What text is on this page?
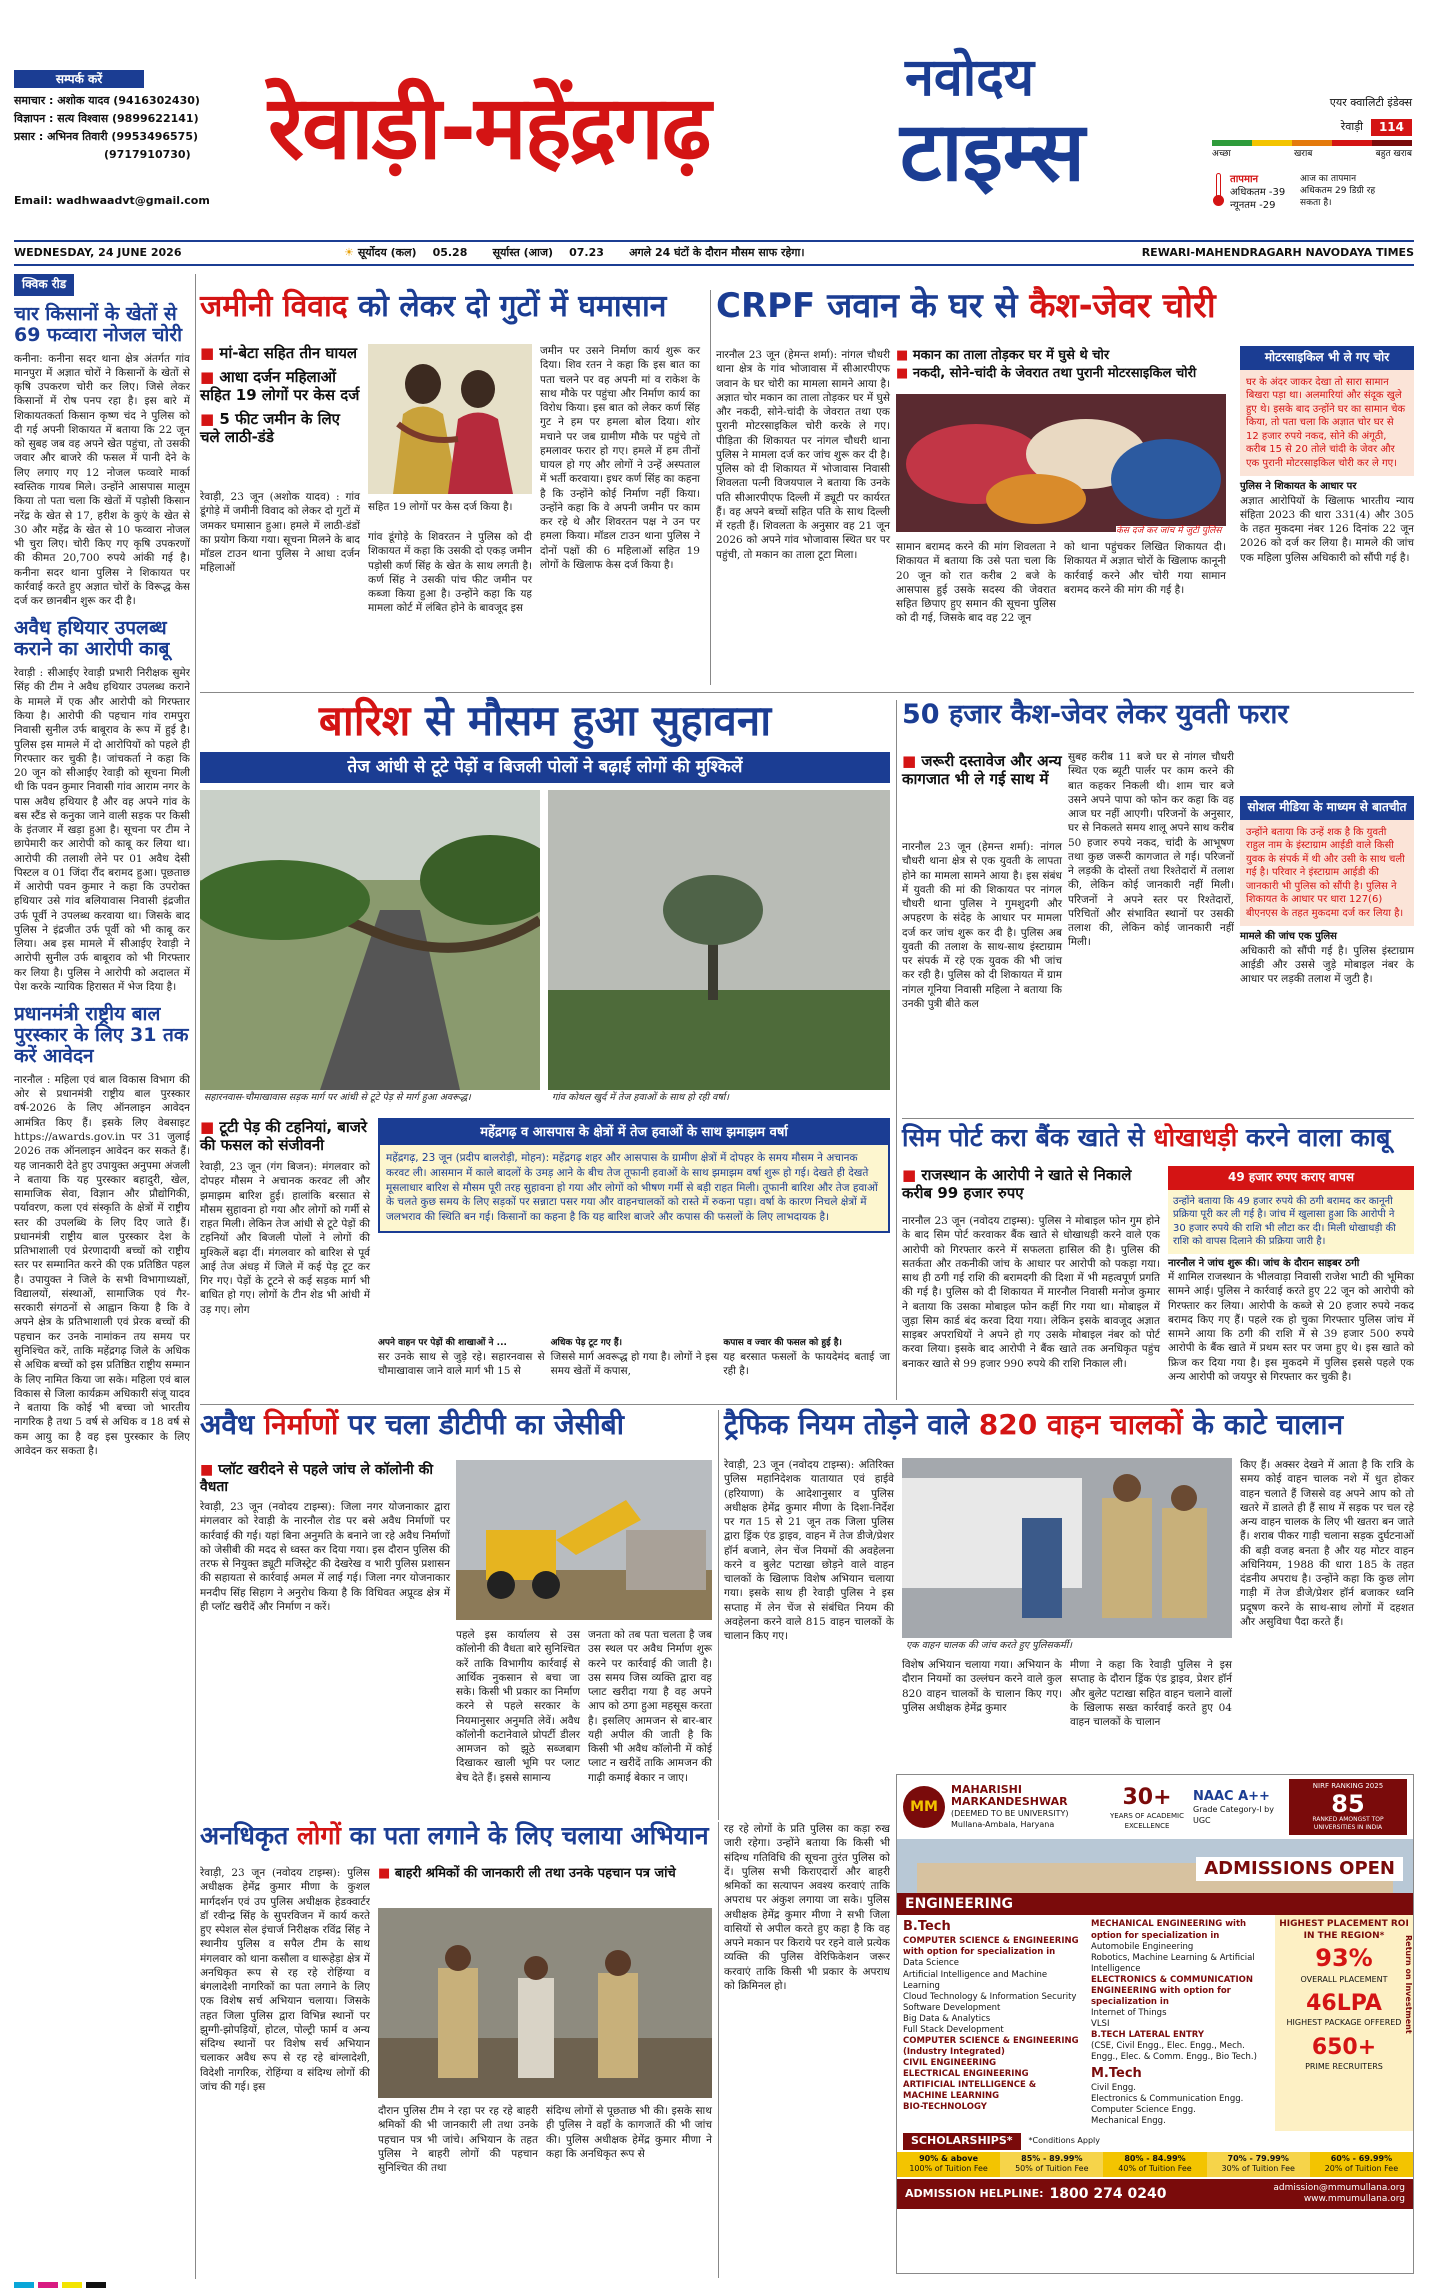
सम्पर्क करें
समाचार : अशोक यादव (9416302430)
विज्ञापन : सत्य विश्वास (9899622141)
प्रसार : अभिनव तिवारी (9953496575)
(9717910730)
Email: wadhwaadvt@gmail.com
रेवाड़ी-महेंद्रगढ़	नवोदय
टाइम्स
एयर क्वालिटी इंडेक्स
रेवाड़ी	114
अच्छा	खराब	बहुत खराब
तापमान
अधिकतम -39
न्यूनतम -29
आज का तापमान अधिकतम 29 डिग्री रह सकता है।
WEDNESDAY, 24 JUNE 2026	☀ सूर्योदय (कल) 05.28	सूर्यास्त (आज) 07.23	अगले 24 घंटों के दौरान मौसम साफ रहेगा।	REWARI-MAHENDRAGARH NAVODAYA TIMES
क्विक रीड
चार किसानों के खेतों से 69 फव्वारा नोजल चोरी
कनीना: कनीना सदर थाना क्षेत्र अंतर्गत गांव मानपुरा में अज्ञात चोरों ने किसानों के खेतों से कृषि उपकरण चोरी कर लिए। जिसे लेकर किसानों में रोष पनप रहा है। इस बारे में शिकायतकर्ता किसान कृष्ण चंद ने पुलिस को दी गई अपनी शिकायत में बताया कि 22 जून को सुबह जब वह अपने खेत पहुंचा, तो उसकी जवार और बाजरे की फसल में पानी देने के लिए लगाए गए 12 नोजल फव्वारे मार्का स्वस्तिक गायब मिले। उन्होंने आसपास मालूम किया तो पता चला कि खेतों में पड़ोसी किसान नरेंद्र के खेत से 17, हरीश के कुएं के खेत से 30 और महेंद्र के खेत से 10 फव्वारा नोजल भी चुरा लिए। चोरी किए गए कृषि उपकरणों की कीमत 20,700 रुपये आंकी गई है। कनीना सदर थाना पुलिस ने शिकायत पर कार्रवाई करते हुए अज्ञात चोरों के विरूद्ध केस दर्ज कर छानबीन शुरू कर दी है।
अवैध हथियार उपलब्ध कराने का आरोपी काबू
रेवाड़ी : सीआईए रेवाड़ी प्रभारी निरीक्षक सुमेर सिंह की टीम ने अवैध हथियार उपलब्ध कराने के मामले में एक और आरोपी को गिरफ्तार किया है। आरोपी की पहचान गांव रामपुरा निवासी सुनील उर्फ बाबूराव के रूप में हुई है। पुलिस इस मामले में दो आरोपियों को पहले ही गिरफ्तार कर चुकी है। जांचकर्ता ने कहा कि 20 जून को सीआईए रेवाड़ी को सूचना मिली थी कि पवन कुमार निवासी गांव आराम नगर के पास अवैध हथियार है और वह अपने गांव के बस स्टैंड से कनुका जाने वाली सड़क पर किसी के इंतजार में खड़ा हुआ है। सूचना पर टीम ने छापेमारी कर आरोपी को काबू कर लिया था। आरोपी की तलाशी लेने पर 01 अवैध देसी पिस्टल व 01 जिंदा रौंद बरामद हुआ। पूछताछ में आरोपी पवन कुमार ने कहा कि उपरोक्त हथियार उसे गांव बलियावास निवासी इंद्रजीत उर्फ पूर्वी ने उपलब्ध करवाया था। जिसके बाद पुलिस ने इंद्रजीत उर्फ पूर्वी को भी काबू कर लिया। अब इस मामले में सीआईए रेवाड़ी ने आरोपी सुनील उर्फ बाबूराव को भी गिरफ्तार कर लिया है। पुलिस ने आरोपी को अदालत में पेश करके न्यायिक हिरासत में भेज दिया है।
प्रधानमंत्री राष्ट्रीय बाल पुरस्कार के लिए 31 तक करें आवेदन
नारनौल : महिला एवं बाल विकास विभाग की ओर से प्रधानमंत्री राष्ट्रीय बाल पुरस्कार वर्ष-2026 के लिए ऑनलाइन आवेदन आमंत्रित किए हैं। इसके लिए वेबसाइट https://awards.gov.in पर 31 जुलाई 2026 तक ऑनलाइन आवेदन कर सकते हैं। यह जानकारी देते हुए उपायुक्त अनुपमा अंजली ने बताया कि यह पुरस्कार बहादुरी, खेल, सामाजिक सेवा, विज्ञान और प्रौद्योगिकी, पर्यावरण, कला एवं संस्कृति के क्षेत्रों में राष्ट्रीय स्तर की उपलब्धि के लिए दिए जाते हैं। प्रधानमंत्री राष्ट्रीय बाल पुरस्कार देश के प्रतिभाशाली एवं प्रेरणादायी बच्चों को राष्ट्रीय स्तर पर सम्मानित करने की एक प्रतिष्ठित पहल है। उपायुक्त ने जिले के सभी विभागाध्यक्षों, विद्यालयों, संस्थाओं, सामाजिक एवं गैर-सरकारी संगठनों से आह्वान किया है कि वे अपने क्षेत्र के प्रतिभाशाली एवं प्रेरक बच्चों की पहचान कर उनके नामांकन तय समय पर सुनिश्चित करें, ताकि महेंद्रगढ़ जिले के अधिक से अधिक बच्चों को इस प्रतिष्ठित राष्ट्रीय सम्मान के लिए नामित किया जा सके। महिला एवं बाल विकास से जिला कार्यक्रम अधिकारी संजू यादव ने बताया कि कोई भी बच्चा जो भारतीय नागरिक है तथा 5 वर्ष से अधिक व 18 वर्ष से कम आयु का है वह इस पुरस्कार के लिए आवेदन कर सकता है।
जमीनी विवाद को लेकर दो गुटों में घमासान
■ मां-बेटा सहित तीन घायल
■ आधा दर्जन महिलाओं सहित 19 लोगों पर केस दर्ज
■ 5 फीट जमीन के लिए चले लाठी-डंडे
सहित 19 लोगों पर केस दर्ज किया है।
गांव डूंगोड़े के शिवरतन ने पुलिस को दी शिकायत में कहा कि उसकी दो एकड़ जमीन पड़ोसी कर्ण सिंह के खेत के साथ लगती है। कर्ण सिंह ने उसकी पांच फीट जमीन पर कब्जा किया हुआ है। उन्होंने कहा कि यह मामला कोर्ट में लंबित होने के बावजूद इस
रेवाड़ी, 23 जून (अशोक यादव) : गांव डूंगोड़े में जमीनी विवाद को लेकर दो गुटों में जमकर घमासान हुआ। हमले में लाठी-डंडों का प्रयोग किया गया। सूचना मिलने के बाद मॉडल टाउन थाना पुलिस ने आधा दर्जन महिलाओं
जमीन पर उसने निर्माण कार्य शुरू कर दिया। शिव रतन ने कहा कि इस बात का पता चलने पर वह अपनी मां व राकेश के साथ मौके पर पहुंचा और निर्माण कार्य का विरोध किया। इस बात को लेकर कर्ण सिंह गुट ने हम पर हमला बोल दिया। शोर मचाने पर जब ग्रामीण मौके पर पहुंचे तो हमलावर फरार हो गए। हमले में हम तीनों घायल हो गए और लोगों ने उन्हें अस्पताल में भर्ती करवाया। इधर कर्ण सिंह का कहना है कि उन्होंने कोई निर्माण नहीं किया। उन्होंने कहा कि वे अपनी जमीन पर काम कर रहे थे और शिवरतन पक्ष ने उन पर हमला किया। मॉडल टाउन थाना पुलिस ने दोनों पक्षों की 6 महिलाओं सहित 19 लोगों के खिलाफ केस दर्ज किया है।
CRPF जवान के घर से कैश-जेवर चोरी
■ मकान का ताला तोड़कर घर में घुसे थे चोर
■ नकदी, सोने-चांदी के जेवरात तथा पुरानी मोटरसाइकिल चोरी
नारनौल 23 जून (हेमन्त शर्मा): नांगल चौधरी थाना क्षेत्र के गांव भोजावास में सीआरपीएफ जवान के घर चोरी का मामला सामने आया है। अज्ञात चोर मकान का ताला तोड़कर घर में घुसे और नकदी, सोने-चांदी के जेवरात तथा एक पुरानी मोटरसाइकिल चोरी करके ले गए। पीड़िता की शिकायत पर नांगल चौधरी थाना पुलिस ने मामला दर्ज कर जांच शुरू कर दी है। पुलिस को दी शिकायत में भोजावास निवासी शिवलता पत्नी विजयपाल ने बताया कि उनके पति सीआरपीएफ दिल्ली में ड्यूटी पर कार्यरत हैं। वह अपने बच्चों सहित पति के साथ दिल्ली में रहती हैं। शिवलता के अनुसार वह 21 जून 2026 को अपने गांव भोजावास स्थित घर पर पहुंची, तो मकान का ताला टूटा मिला।
केस दर्ज कर जांच में जुटी पुलिस
सामान बरामद करने की मांग शिवलता ने शिकायत में बताया कि उसे पता चला कि 20 जून को रात करीब 2 बजे के आसपास हुई उसके सदस्य की जेवरात सहित छिपाए हुए समान की सूचना पुलिस को दी गई, जिसके बाद वह 22 जून
को थाना पहुंचकर लिखित शिकायत दी। शिकायत में अज्ञात चोरों के खिलाफ कानूनी कार्रवाई करने और चोरी गया सामान बरामद करने की मांग की गई है।
मोटरसाइकिल भी ले गए चोर
घर के अंदर जाकर देखा तो सारा सामान बिखरा पड़ा था। अलमारियां और संदूक खुले हुए थे। इसके बाद उन्होंने घर का सामान चेक किया, तो पता चला कि अज्ञात चोर घर से 12 हजार रुपये नकद, सोने की अंगूठी, करीब 15 से 20 तोले चांदी के जेवर और एक पुरानी मोटरसाइकिल चोरी कर ले गए।
पुलिस ने शिकायत के आधार पर
अज्ञात आरोपियों के खिलाफ भारतीय न्याय संहिता 2023 की धारा 331(4) और 305 के तहत मुकदमा नंबर 126 दिनांक 22 जून 2026 को दर्ज कर लिया है। मामले की जांच एक महिला पुलिस अधिकारी को सौंपी गई है।
बारिश से मौसम हुआ सुहावना
तेज आंधी से टूटे पेड़ों व बिजली पोलों ने बढ़ाई लोगों की मुश्किलें
सहारनवास-चौमाखावास सड़क मार्ग पर आंधी से टूटे पेड़ से मार्ग हुआ अवरूद्ध।	गांव कोथल खुर्द में तेज हवाओं के साथ हो रही वर्षा।
■ टूटी पेड़ की टहनियां, बाजरे की फसल को संजीवनी
रेवाड़ी, 23 जून (गंग बिजन): मंगलवार को दोपहर मौसम ने अचानक करवट ली और झमाझम बारिश हुई। हालांकि बरसात से मौसम सुहावना हो गया और लोगों को गर्मी से राहत मिली। लेकिन तेज आंधी से टूटे पेड़ों की टहनियों और बिजली पोलों ने लोगों की मुश्किलें बढ़ा दीं। मंगलवार को बारिश से पूर्व आई तेज अंधड़ में जिले में कई पेड़ टूट कर गिर गए। पेड़ों के टूटने से कई सड़क मार्ग भी बाधित हो गए। लोगों के टीन शेड भी आंधी में उड़ गए। लोग
महेंद्रगढ़ व आसपास के क्षेत्रों में तेज हवाओं के साथ झमाझम वर्षा
महेंद्रगढ़, 23 जून (प्रदीप बालरोड़ी, मोहन): महेंद्रगढ़ शहर और आसपास के ग्रामीण क्षेत्रों में दोपहर के समय मौसम ने अचानक करवट ली। आसमान में काले बादलों के उमड़ आने के बीच तेज तूफानी हवाओं के साथ झमाझम वर्षा शुरू हो गई। देखते ही देखते मूसलाधार बारिश से मौसम पूरी तरह सुहावना हो गया और लोगों को भीषण गर्मी से बड़ी राहत मिली। तूफानी बारिश और तेज हवाओं के चलते कुछ समय के लिए सड़कों पर सन्नाटा पसर गया और वाहनचालकों को रास्ते में रुकना पड़ा। वर्षा के कारण निचले क्षेत्रों में जलभराव की स्थिति बन गई। किसानों का कहना है कि यह बारिश बाजरे और कपास की फसलों के लिए लाभदायक है।
अपने वाहन पर पेड़ों की शाखाओं ने ...
सर उनके साथ से जुड़े रहे। सहारनवास से चौमाखावास जाने वाले मार्ग भी 15 से
अधिक पेड़ टूट गए हैं।
जिससे मार्ग अवरूद्ध हो गया है। लोगों ने इस समय खेतों में कपास,
कपास व ज्वार की फसल को हुई है।
यह बरसात फसलों के फायदेमंद बताई जा रही है।
50 हजार कैश-जेवर लेकर युवती फरार
■ जरूरी दस्तावेज और अन्य कागजात भी ले गई साथ में
नारनौल 23 जून (हेमन्त शर्मा): नांगल चौधरी थाना क्षेत्र से एक युवती के लापता होने का मामला सामने आया है। इस संबंध में युवती की मां की शिकायत पर नांगल चौधरी थाना पुलिस ने गुमशुदगी और अपहरण के संदेह के आधार पर मामला दर्ज कर जांच शुरू कर दी है। पुलिस अब युवती की तलाश के साथ-साथ इंस्टाग्राम पर संपर्क में रहे एक युवक की भी जांच कर रही है। पुलिस को दी शिकायत में ग्राम नांगल गूनिया निवासी महिला ने बताया कि उनकी पुत्री बीते कल
सुबह करीब 11 बजे घर से नांगल चौधरी स्थित एक ब्यूटी पार्लर पर काम करने की बात कहकर निकली थी। शाम चार बजे उसने अपने पापा को फोन कर कहा कि वह आज घर नहीं आएगी। परिजनों के अनुसार, घर से निकलते समय शालू अपने साथ करीब 50 हजार रुपये नकद, चांदी के आभूषण तथा कुछ जरूरी कागजात ले गई। परिजनों ने लड़की के दोस्तों तथा रिश्तेदारों में तलाश की, लेकिन कोई जानकारी नहीं मिली। परिजनों ने अपने स्तर पर रिश्तेदारों, परिचितों और संभावित स्थानों पर उसकी तलाश की, लेकिन कोई जानकारी नहीं मिली।
सोशल मीडिया के माध्यम से बातचीत
उन्होंने बताया कि उन्हें शक है कि युवती राहुल नाम के इंस्टाग्राम आईडी वाले किसी युवक के संपर्क में थी और उसी के साथ चली गई है। परिवार ने इंस्टाग्राम आईडी की जानकारी भी पुलिस को सौंपी है। पुलिस ने शिकायत के आधार पर धारा 127(6) बीएनएस के तहत मुकदमा दर्ज कर लिया है।
मामले की जांच एक पुलिस
अधिकारी को सौंपी गई है। पुलिस इंस्टाग्राम आईडी और उससे जुड़े मोबाइल नंबर के आधार पर लड़की तलाश में जुटी है।
सिम पोर्ट करा बैंक खाते से धोखाधड़ी करने वाला काबू
■ राजस्थान के आरोपी ने खाते से निकाले करीब 99 हजार रुपए
नारनौल 23 जून (नवोदय टाइम्स): पुलिस ने मोबाइल फोन गुम होने के बाद सिम पोर्ट करवाकर बैंक खाते से धोखाधड़ी करने वाले एक आरोपी को गिरफ्तार करने में सफलता हासिल की है। पुलिस की सतर्कता और तकनीकी जांच के आधार पर आरोपी को पकड़ा गया। साथ ही ठगी गई राशि की बरामदगी की दिशा में भी महत्वपूर्ण प्रगति की गई है। पुलिस को दी शिकायत में मारनौल निवासी मनोज कुमार ने बताया कि उसका मोबाइल फोन कहीं गिर गया था। मोबाइल में जुड़ा सिम कार्ड बंद करवा दिया गया। लेकिन इसके बावजूद अज्ञात साइबर अपराधियों ने अपने हो गए उसके मोबाइल नंबर को पोर्ट करवा लिया। इसके बाद आरोपी ने बैंक खाते तक अनधिकृत पहुंच बनाकर खाते से 99 हजार 990 रुपये की राशि निकाल ली।
49 हजार रुपए कराए वापस
उन्होंने बताया कि 49 हजार रुपये की ठगी बरामद कर कानूनी प्रक्रिया पूरी कर ली गई है। जांच में खुलासा हुआ कि आरोपी ने 30 हजार रुपये की राशि भी लौटा कर दी। मिली धोखाधड़ी की राशि को वापस दिलाने की प्रक्रिया जारी है।
नारनौल ने जांच शुरू की। जांच के दौरान साइबर ठगी
में शामिल राजस्थान के भीलवाड़ा निवासी राजेश भाटी की भूमिका सामने आई। पुलिस ने कार्रवाई करते हुए 22 जून को आरोपी को गिरफ्तार कर लिया। आरोपी के कब्जे से 20 हजार रुपये नकद बरामद किए गए हैं। पहले रक हो चुका गिरफ्तार पुलिस जांच में सामने आया कि ठगी की राशि में से 39 हजार 500 रुपये आरोपी के बैंक खाते में प्रथम स्तर पर जमा हुए थे। इस खाते को फ्रिज कर दिया गया है। इस मुकदमे में पुलिस इससे पहले एक अन्य आरोपी को जयपुर से गिरफ्तार कर चुकी है।
अवैध निर्माणों पर चला डीटीपी का जेसीबी
■ प्लॉट खरीदने से पहले जांच ले कॉलोनी की वैधता
रेवाड़ी, 23 जून (नवोदय टाइम्स): जिला नगर योजनाकार द्वारा मंगलवार को रेवाड़ी के नारनौल रोड पर बसे अवैध निर्माणों पर कार्रवाई की गई। यहां बिना अनुमति के बनाने जा रहे अवैध निर्माणों को जेसीबी की मदद से ध्वस्त कर दिया गया। इस दौरान पुलिस की तरफ से नियुक्त ड्यूटी मजिस्ट्रेट की देखरेख व भारी पुलिस प्रशासन की सहायता से कार्रवाई अमल में लाई गई। जिला नगर योजनाकार मनदीप सिंह सिहाग ने अनुरोध किया है कि विधिवत अप्रूव्ड क्षेत्र में ही प्लॉट खरीदें और निर्माण न करें।
पहले इस कार्यालय से उस कॉलोनी की वैधता बारे सुनिश्चित करें ताकि विभागीय कार्रवाई से आर्थिक नुकसान से बचा जा सके। किसी भी प्रकार का निर्माण करने से पहले सरकार के नियमानुसार अनुमति लेवें। अवैध कॉलोनी कटानेवाले प्रोपर्टी डीलर आमजन को झूठे सब्जबाग दिखाकर खाली भूमि पर प्लाट बेच देते हैं। इससे सामान्य
जनता को तब पता चलता है जब उस स्थल पर अवैध निर्माण शुरू करने पर कार्रवाई की जाती है। उस समय जिस व्यक्ति द्वारा वह प्लाट खरीदा गया है वह अपने आप को ठगा हुआ महसूस करता है। इसलिए आमजन से बार-बार यही अपील की जाती है कि किसी भी अवैध कॉलोनी में कोई प्लाट न खरीदें ताकि आमजन की गाढ़ी कमाई बेकार न जाए।
ट्रैफिक नियम तोड़ने वाले 820 वाहन चालकों के काटे चालान
रेवाड़ी, 23 जून (नवोदय टाइम्स): अतिरिक्त पुलिस महानिदेशक यातायात एवं हाईवे (हरियाणा) के आदेशानुसार व पुलिस अधीक्षक हेमेंद्र कुमार मीणा के दिशा-निर्देश पर गत 15 से 21 जून तक जिला पुलिस द्वारा ड्रिंक एंड ड्राइव, वाहन में तेज डीजे/प्रेशर हॉर्न बजाने, लेन चेंज नियमों की अवहेलना करने व बुलेट पटाखा छोड़ने वाले वाहन चालकों के खिलाफ विशेष अभियान चलाया गया। इसके साथ ही रेवाड़ी पुलिस ने इस सप्ताह में लेन चेंज से संबंधित नियम की अवहेलना करने वाले 815 वाहन चालकों के चालान किए गए।
एक वाहन चालक की जांच करते हुए पुलिसकर्मी।
विशेष अभियान चलाया गया। अभियान के दौरान नियमों का उल्लंघन करने वाले कुल 820 वाहन चालकों के चालान किए गए। पुलिस अधीक्षक हेमेंद्र कुमार
मीणा ने कहा कि रेवाड़ी पुलिस ने इस सप्ताह के दौरान ड्रिंक एंड ड्राइव, प्रेशर हॉर्न और बुलेट पटाखा सहित वाहन चलाने वालों के खिलाफ सख्त कार्रवाई करते हुए 04 वाहन चालकों के चालान
किए हैं। अक्सर देखने में आता है कि रात्रि के समय कोई वाहन चालक नशे में धुत होकर वाहन चलाते हैं जिससे वह अपने आप को तो खतरे में डालते ही हैं साथ में सड़क पर चल रहे अन्य वाहन चालक के लिए भी खतरा बन जाते हैं। शराब पीकर गाड़ी चलाना सड़क दुर्घटनाओं की बड़ी वजह बनता है और यह मोटर वाहन अधिनियम, 1988 की धारा 185 के तहत दंडनीय अपराध है। उन्होंने कहा कि कुछ लोग गाड़ी में तेज डीजे/प्रेशर हॉर्न बजाकर ध्वनि प्रदूषण करने के साथ-साथ लोगों में दहशत और असुविधा पैदा करते हैं।
अनधिकृत लोगों का पता लगाने के लिए चलाया अभियान
रेवाड़ी, 23 जून (नवोदय टाइम्स): पुलिस अधीक्षक हेमेंद्र कुमार मीणा के कुशल मार्गदर्शन एवं उप पुलिस अधीक्षक हेडक्वार्टर डॉ रवीन्द्र सिंह के सुपरविजन में कार्य करते हुए स्पेशल सेल इंचार्ज निरीक्षक रविंद्र सिंह ने स्थानीय पुलिस व सपैल टीम के साथ मंगलवार को थाना कसौला व धारूहेड़ा क्षेत्र में अनधिकृत रूप से रह रहे रोहिंग्या व बंगलादेशी नागरिकों का पता लगाने के लिए एक विशेष सर्च अभियान चलाया। जिसके तहत जिला पुलिस द्वारा विभिन्न स्थानों पर झुग्गी-झोपड़ियों, होटल, पोल्ट्री फार्म व अन्य संदिग्ध स्थानों पर विशेष सर्च अभियान चलाकर अवैध रूप से रह रहे बांग्लादेशी, विदेशी नागरिक, रोहिंग्या व संदिग्ध लोगों की जांच की गई। इस
■ बाहरी श्रमिकों की जानकारी ली तथा उनके पहचान पत्र जांचे
दौरान पुलिस टीम ने रहा पर रह रहे बाहरी श्रमिकों की भी जानकारी ली तथा उनके पहचान पत्र भी जांचे। अभियान के तहत पुलिस ने बाहरी लोगों की पहचान सुनिश्चित की तथा
संदिग्ध लोगों से पूछताछ भी की। इसके साथ ही पुलिस ने वहाँ के कागजातें की भी जांच की। पुलिस अधीक्षक हेमेंद्र कुमार मीणा ने कहा कि अनधिकृत रूप से
रह रहे लोगों के प्रति पुलिस का कड़ा रुख जारी रहेगा। उन्होंने बताया कि किसी भी संदिग्ध गतिविधि की सूचना तुरंत पुलिस को दें। पुलिस सभी किराएदारों और बाहरी श्रमिकों का सत्यापन अवश्य करवाएं ताकि अपराध पर अंकुश लगाया जा सके। पुलिस अधीक्षक हेमेंद्र कुमार मीणा ने सभी जिला वासियों से अपील करते हुए कहा है कि वह अपने मकान पर किराये पर रहने वाले प्रत्येक व्यक्ति की पुलिस वेरिफिकेशन जरूर करवाएं ताकि किसी भी प्रकार के अपराध को क्रिमिनल हो।
MM
MAHARISHI MARKANDESHWAR
(DEEMED TO BE UNIVERSITY)
Mullana-Ambala, Haryana
30+
YEARS OF ACADEMIC EXCELLENCE
NAAC A++
Grade Category-I by UGC
NIRF RANKING 2025
85
RANKED AMONGST TOP UNIVERSITIES IN INDIA
ADMISSIONS OPEN
ENGINEERING
B.Tech
COMPUTER SCIENCE & ENGINEERING with option for specialization in
Data Science
Artificial Intelligence and Machine Learning
Cloud Technology & Information Security
Software Development
Big Data & Analytics
Full Stack Development
COMPUTER SCIENCE & ENGINEERING (Industry Integrated)
CIVIL ENGINEERING
ELECTRICAL ENGINEERING
ARTIFICIAL INTELLIGENCE & MACHINE LEARNING
BIO-TECHNOLOGY
MECHANICAL ENGINEERING with option for specialization in
Automobile Engineering
Robotics, Machine Learning & Artificial Intelligence
ELECTRONICS & COMMUNICATION ENGINEERING with option for specialization in
Internet of Things
VLSI
B.TECH LATERAL ENTRY
(CSE, Civil Engg., Elec. Engg., Mech. Engg., Elec. & Comm. Engg., Bio Tech.)
M.Tech
Civil Engg.
Electronics & Communication Engg.
Computer Science Engg.
Mechanical Engg.
HIGHEST PLACEMENT ROI IN THE REGION*
93%
OVERALL PLACEMENT
46LPA
HIGHEST PACKAGE OFFERED
650+
PRIME RECRUITERS
SCHOLARSHIPS*	*Conditions Apply
90% & above
100% of Tuition Fee
85% - 89.99%
50% of Tuition Fee
80% - 84.99%
40% of Tuition Fee
70% - 79.99%
30% of Tuition Fee
60% - 69.99%
20% of Tuition Fee
ADMISSION HELPLINE: 1800 274 0240	admission@mmumullana.org
www.mmumullana.org
Return on Investment
